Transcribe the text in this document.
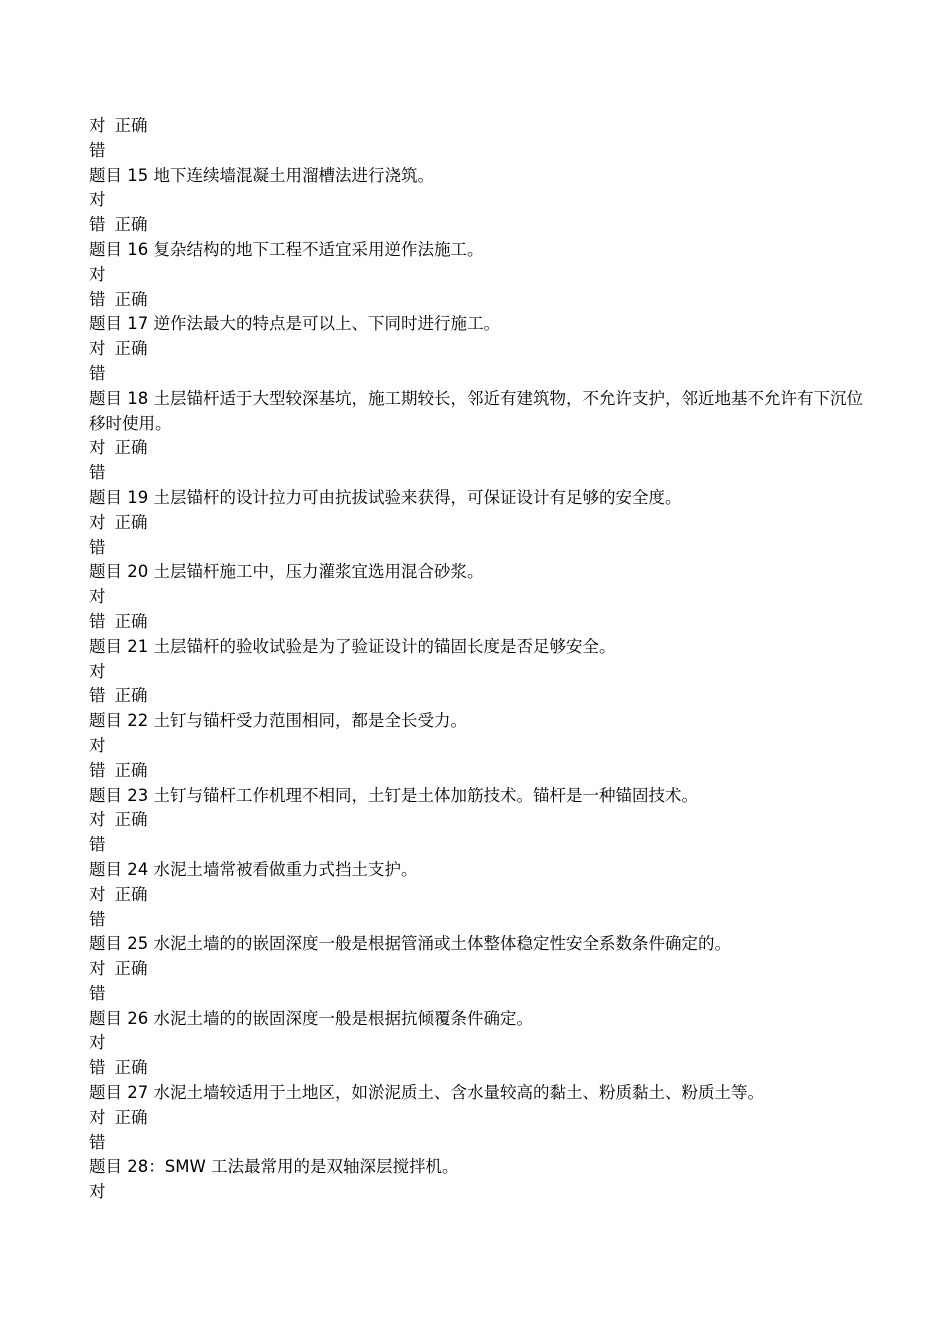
对 正确
错
题目 15 地下连续墙混凝土用溜槽法进行浇筑。
对
错 正确
题目 16 复杂结构的地下工程不适宜采用逆作法施工。
对
错 正确
题目 17 逆作法最大的特点是可以上、下同时进行施工。
对 正确
错
题目 18 土层锚杆适于大型较深基坑，施工期较长，邻近有建筑物，不允许支护，邻近地基不允许有下沉位移时使用。
对 正确
错
题目 19 土层锚杆的设计拉力可由抗拔试验来获得，可保证设计有足够的安全度。
对 正确
错
题目 20 土层锚杆施工中，压力灌浆宜选用混合砂浆。
对
错 正确
题目 21 土层锚杆的验收试验是为了验证设计的锚固长度是否足够安全。
对
错 正确
题目 22 土钉与锚杆受力范围相同，都是全长受力。
对
错 正确
题目 23 土钉与锚杆工作机理不相同，土钉是土体加筋技术。锚杆是一种锚固技术。
对 正确
错
题目 24 水泥土墙常被看做重力式挡土支护。
对 正确
错
题目 25 水泥土墙的的嵌固深度一般是根据管涌或土体整体稳定性安全系数条件确定的。
对 正确
错
题目 26 水泥土墙的的嵌固深度一般是根据抗倾覆条件确定。
对
错 正确
题目 27 水泥土墙较适用于土地区，如淤泥质土、含水量较高的黏土、粉质黏土、粉质土等。
对 正确
错
题目 28：SMW 工法最常用的是双轴深层搅拌机。
对
